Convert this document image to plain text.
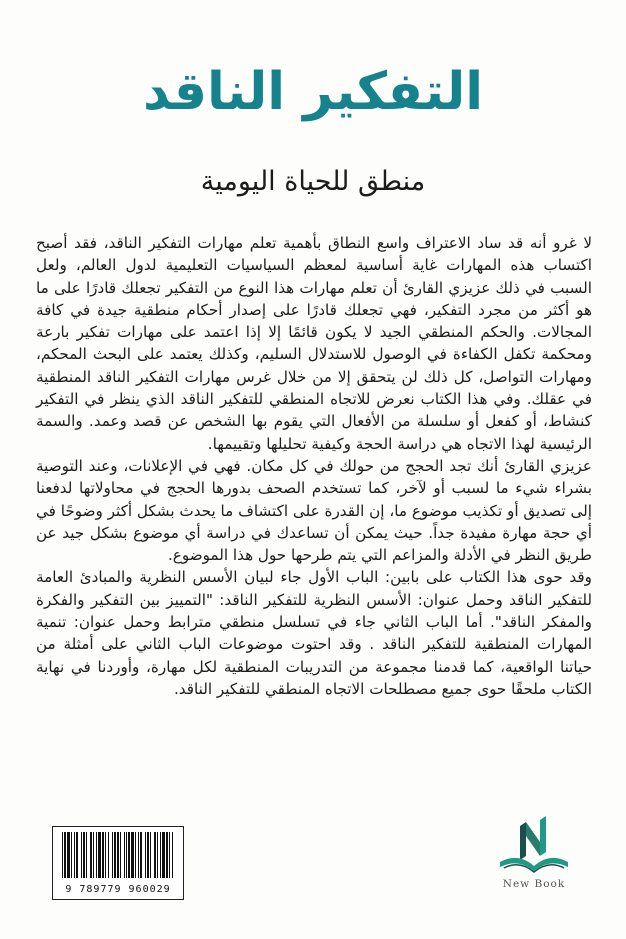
التفكير الناقد
منطق للحياة اليومية

لا غرو أنه قد ساد الاعتراف واسع النطاق بأهمية تعلم مهارات التفكير الناقد، فقد أصبح اكتساب هذه المهارات غاية أساسية لمعظم السياسيات التعليمية لدول العالم، ولعل السبب في ذلك عزيزي القارئ أن تعلم مهارات هذا النوع من التفكير تجعلك قادرًا على ما هو أكثر من مجرد التفكير، فهي تجعلك قادرًا على إصدار أحكام منطقية جيدة في كافة المجالات. والحكم المنطقي الجيد لا يكون قائمًا إلا إذا اعتمد على مهارات تفكير بارعة ومحكمة تكفل الكفاءة في الوصول للاستدلال السليم، وكذلك يعتمد على البحث المحكم، ومهارات التواصل، كل ذلك لن يتحقق إلا من خلال غرس مهارات التفكير الناقد المنطقية في عقلك. وفي هذا الكتاب نعرض للاتجاه المنطقي للتفكير الناقد الذي ينظر في التفكير كنشاط، أو كفعل أو سلسلة من الأفعال التي يقوم بها الشخص عن قصد وعمد. والسمة الرئيسية لهذا الاتجاه هي دراسة الحجة وكيفية تحليلها وتقييمها.

عزيزي القارئ أنك تجد الحجج من حولك في كل مكان. فهي في الإعلانات، وعند التوصية بشراء شيء ما لسبب أو لآخر، كما تستخدم الصحف بدورها الحجج في محاولاتها لدفعنا إلى تصديق أو تكذيب موضوع ما، إن القدرة على اكتشاف ما يحدث بشكل أكثر وضوحًا في أي حجة مهارة مفيدة جداً. حيث يمكن أن تساعدك في دراسة أي موضوع بشكل جيد عن طريق النظر في الأدلة والمزاعم التي يتم طرحها حول هذا الموضوع.

وقد حوى هذا الكتاب على بابين: الباب الأول جاء لبيان الأسس النظرية والمبادئ العامة للتفكير الناقد وحمل عنوان: الأسس النظرية للتفكير الناقد: "التمييز بين التفكير والفكرة والمفكر الناقد". أما الباب الثاني جاء في تسلسل منطقي مترابط وحمل عنوان: تنمية المهارات المنطقية للتفكير الناقد . وقد احتوت موضوعات الباب الثاني على أمثلة من حياتنا الواقعية، كما قدمنا مجموعة من التدريبات المنطقية لكل مهارة، وأوردنا في نهاية الكتاب ملحقًا حوى جميع مصطلحات الاتجاه المنطقي للتفكير الناقد.

9 789779 960029	New Book
